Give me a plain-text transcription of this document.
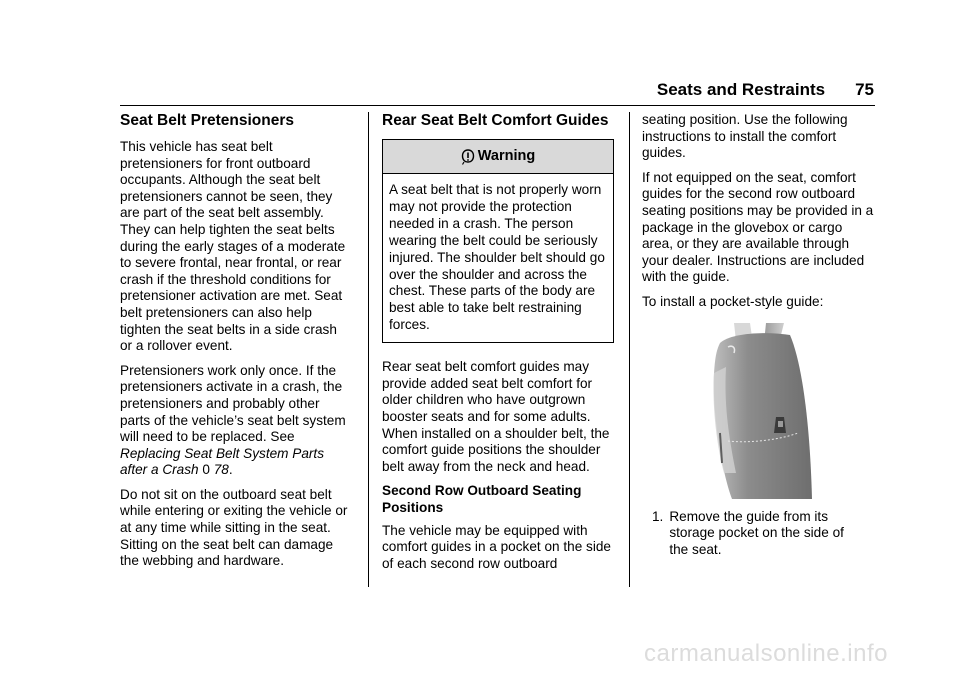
Seats and Restraints 75
Seat Belt Pretensioners

This vehicle has seat belt pretensioners for front outboard occupants. Although the seat belt pretensioners cannot be seen, they are part of the seat belt assembly. They can help tighten the seat belts during the early stages of a moderate to severe frontal, near frontal, or rear crash if the threshold conditions for pretensioner activation are met. Seat belt pretensioners can also help tighten the seat belts in a side crash or a rollover event.

Pretensioners work only once. If the pretensioners activate in a crash, the pretensioners and probably other parts of the vehicle’s seat belt system will need to be replaced. See Replacing Seat Belt System Parts after a Crash 0 78.

Do not sit on the outboard seat belt while entering or exiting the vehicle or at any time while sitting in the seat. Sitting on the seat belt can damage the webbing and hardware.

Rear Seat Belt Comfort Guides
Warning
A seat belt that is not properly worn may not provide the protection needed in a crash. The person wearing the belt could be seriously injured. The shoulder belt should go over the shoulder and across the chest. These parts of the body are best able to take belt restraining forces.

Rear seat belt comfort guides may provide added seat belt comfort for older children who have outgrown booster seats and for some adults. When installed on a shoulder belt, the comfort guide positions the shoulder belt away from the neck and head.

Second Row Outboard Seating Positions

The vehicle may be equipped with comfort guides in a pocket on the side of each second row outboard

seating position. Use the following instructions to install the comfort guides.

If not equipped on the seat, comfort guides for the second row outboard seating positions may be provided in a package in the glovebox or cargo area, or they are available through your dealer. Instructions are included with the guide.

To install a pocket-style guide:

1. Remove the guide from its storage pocket on the side of the seat.
carmanualsonline.info
